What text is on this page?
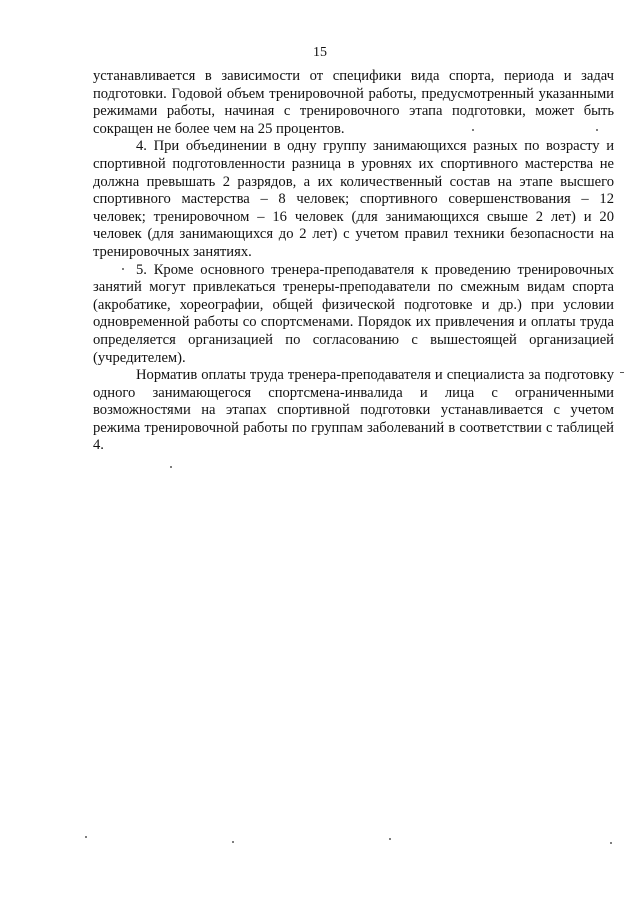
15

устанавливается в зависимости от специфики вида спорта, периода и задач подготовки. Годовой объем тренировочной работы, предусмотренный указанными режимами работы, начиная с тренировочного этапа подготовки, может быть сокращен не более чем на 25 процентов.

4. При объединении в одну группу занимающихся разных по возрасту и спортивной подготовленности разница в уровнях их спортивного мастерства не должна превышать 2 разрядов, а их количественный состав на этапе высшего спортивного мастерства – 8 человек; спортивного совершенствования – 12 человек; тренировочном – 16 человек (для занимающихся свыше 2 лет) и 20 человек (для занимающихся до 2 лет) с учетом правил техники безопасности на тренировочных занятиях.

5. Кроме основного тренера-преподавателя к проведению тренировочных занятий могут привлекаться тренеры-преподаватели по смежным видам спорта (акробатике, хореографии, общей физической подготовке и др.) при условии одновременной работы со спортсменами. Порядок их привлечения и оплаты труда определяется организацией по согласованию с вышестоящей организацией (учредителем).

Норматив оплаты труда тренера-преподавателя и специалиста за подготовку одного занимающегося спортсмена-инвалида и лица с ограниченными возможностями на этапах спортивной подготовки устанавливается с учетом режима тренировочной работы по группам заболеваний в соответствии с таблицей 4.
